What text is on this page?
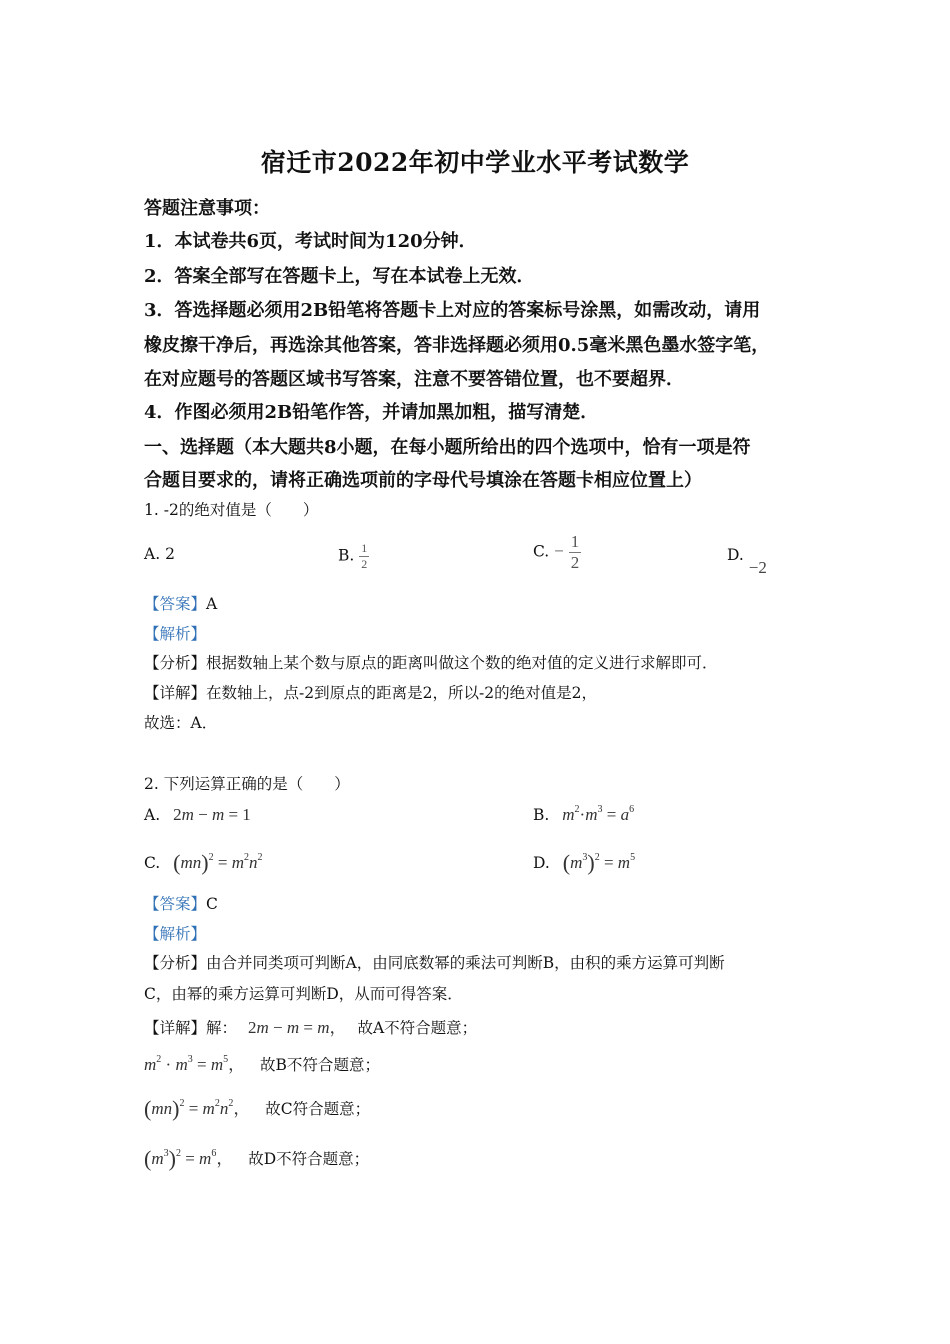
宿迁市2022年初中学业水平考试数学
答题注意事项：
1．本试卷共6页，考试时间为120分钟．
2．答案全部写在答题卡上，写在本试卷上无效．
3．答选择题必须用2B铅笔将答题卡上对应的答案标号涂黑，如需改动，请用
橡皮擦干净后，再选涂其他答案，答非选择题必须用0.5毫米黑色墨水签字笔，
在对应题号的答题区域书写答案，注意不要答错位置，也不要超界．
4．作图必须用2B铅笔作答，并请加黑加粗，描写清楚．
一、选择题（本大题共8小题，在每小题所给出的四个选项中，恰有一项是符
合题目要求的，请将正确选项前的字母代号填涂在答题卡相应位置上）
1. -2的绝对值是（　　）
A. 2	B. $\frac{1}{2}$	C. − $\frac{1}{2}$	D. −2
【答案】A
【解析】
【分析】根据数轴上某个数与原点的距离叫做这个数的绝对值的定义进行求解即可．
【详解】在数轴上，点-2到原点的距离是2，所以-2的绝对值是2，
故选：A．
2. 下列运算正确的是（　　）
A. 2m − m = 1	B. $m^2\cdot m^3 = a^6$
C. $(mn)^2 = m^2n^2$	D. $(m^3)^2 = m^5$
【答案】C
【解析】
【分析】由合并同类项可判断A，由同底数幂的乘法可判断B，由积的乘方运算可判断
C，由幂的乘方运算可判断D，从而可得答案．
【详解】解： 2m − m = m， 故A不符合题意；
$m^2 \cdot m^3 = m^5$， 故B不符合题意；
$(mn)^2 = m^2n^2$， 故C符合题意；
$(m^3)^2 = m^6$， 故D不符合题意；
